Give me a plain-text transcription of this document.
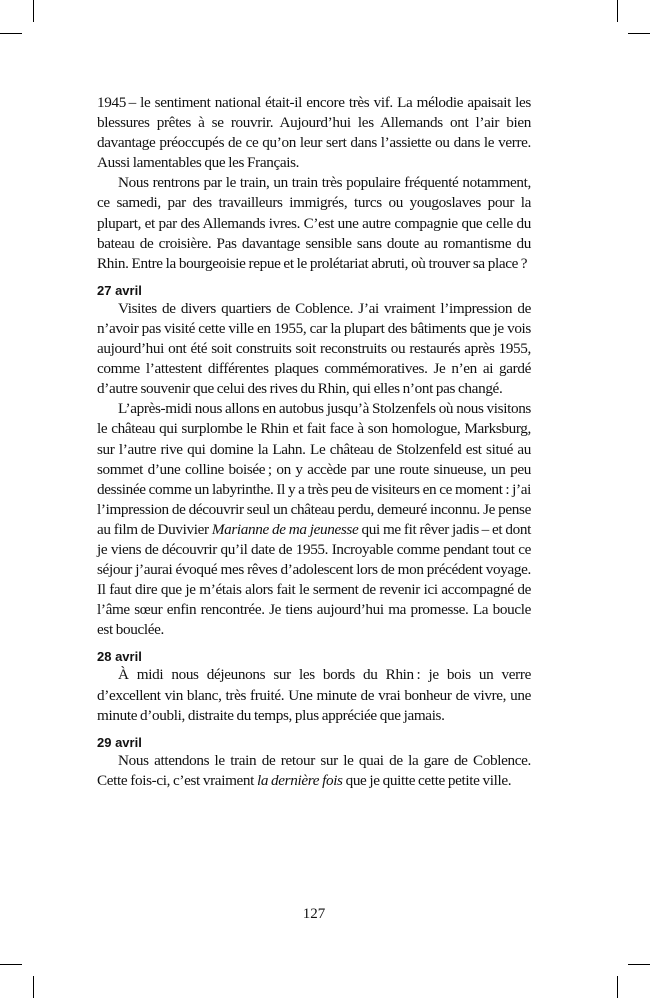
1945 – le sentiment national était-il encore très vif. La mélodie apaisait les blessures prêtes à se rouvrir. Aujourd’hui les Allemands ont l’air bien davantage préoccupés de ce qu’on leur sert dans l’assiette ou dans le verre. Aussi lamentables que les Français.

Nous rentrons par le train, un train très populaire fréquenté notamment, ce samedi, par des travailleurs immigrés, turcs ou yougoslaves pour la plupart, et par des Allemands ivres. C’est une autre compagnie que celle du bateau de croisière. Pas davantage sensible sans doute au romantisme du Rhin. Entre la bourgeoisie repue et le prolétariat abruti, où trouver sa place ?

27 avril

Visites de divers quartiers de Coblence. J’ai vraiment l’impression de n’avoir pas visité cette ville en 1955, car la plupart des bâtiments que je vois aujourd’hui ont été soit construits soit reconstruits ou restaurés après 1955, comme l’attestent différentes plaques commémoratives. Je n’en ai gardé d’autre souvenir que celui des rives du Rhin, qui elles n’ont pas changé.

L’après-midi nous allons en autobus jusqu’à Stolzenfels où nous visitons le château qui surplombe le Rhin et fait face à son homologue, Marksburg, sur l’autre rive qui domine la Lahn. Le château de Stolzenfeld est situé au sommet d’une colline boisée ; on y accède par une route sinueuse, un peu dessinée comme un labyrinthe. Il y a très peu de visiteurs en ce moment : j’ai l’impression de découvrir seul un château perdu, demeuré inconnu. Je pense au film de Duvivier Marianne de ma jeunesse qui me fit rêver jadis – et dont je viens de découvrir qu’il date de 1955. Incroyable comme pendant tout ce séjour j’aurai évoqué mes rêves d’adolescent lors de mon précédent voyage. Il faut dire que je m’étais alors fait le serment de revenir ici accompagné de l’âme sœur enfin rencontrée. Je tiens aujourd’hui ma promesse. La boucle est bouclée.

28 avril

À midi nous déjeunons sur les bords du Rhin : je bois un verre d’excellent vin blanc, très fruité. Une minute de vrai bonheur de vivre, une minute d’oubli, distraite du temps, plus appréciée que jamais.

29 avril

Nous attendons le train de retour sur le quai de la gare de Coblence. Cette fois-ci, c’est vraiment la dernière fois que je quitte cette petite ville.

127
